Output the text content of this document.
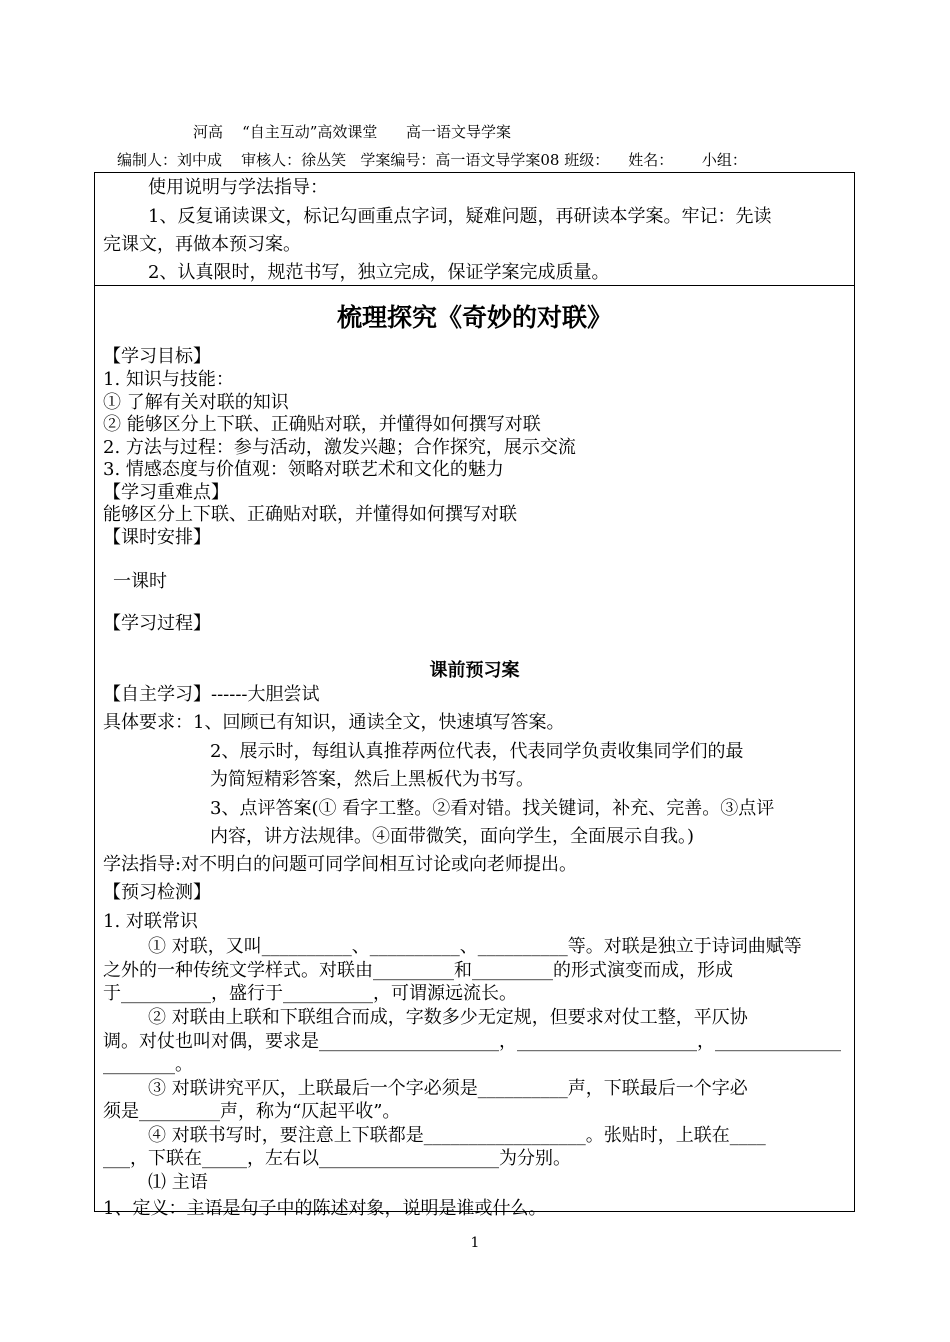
河高    “自主互动”高效课堂      高一语文导学案
编制人：刘中成    审核人：徐丛笑   学案编号：高一语文导学案08 班级：    姓名：      小组：
使用说明与学法指导：
1、反复诵读课文，标记勾画重点字词，疑难问题，再研读本学案。牢记：先读
完课文，再做本预习案。
2、认真限时，规范书写，独立完成，保证学案完成质量。
梳理探究《奇妙的对联》
【学习目标】
1. 知识与技能：
① 了解有关对联的知识
② 能够区分上下联、正确贴对联，并懂得如何撰写对联
2. 方法与过程：参与活动，激发兴趣；合作探究，展示交流
3. 情感态度与价值观：领略对联艺术和文化的魅力
【学习重难点】
能够区分上下联、正确贴对联，并懂得如何撰写对联
【课时安排】
一课时
【学习过程】
课前预习案
【自主学习】------大胆尝试
具体要求：1、回顾已有知识，通读全文，快速填写答案。
2、展示时，每组认真推荐两位代表，代表同学负责收集同学们的最
为简短精彩答案，然后上黑板代为书写。
3、点评答案(① 看字工整。②看对错。找关键词，补充、完善。③点评
内容，讲方法规律。④面带微笑，面向学生，全面展示自我。)
学法指导:对不明白的问题可同学间相互讨论或向老师提出。
【预习检测】
1. 对联常识
① 对联，又叫__________、__________、__________等。对联是独立于诗词曲赋等
之外的一种传统文学样式。对联由_________和_________的形式演变而成，形成
于__________，盛行于__________，可谓源远流长。
② 对联由上联和下联组合而成，字数多少无定规，但要求对仗工整，平仄协
调。对仗也叫对偶，要求是____________________，____________________，______________
________。
③ 对联讲究平仄，上联最后一个字必须是__________声，下联最后一个字必
须是_________声，称为“仄起平收”。
④ 对联书写时，要注意上下联都是__________________。张贴时，上联在____
___，下联在_____，左右以____________________为分别。
⑴ 主语
1、定义：主语是句子中的陈述对象，说明是谁或什么。
1
